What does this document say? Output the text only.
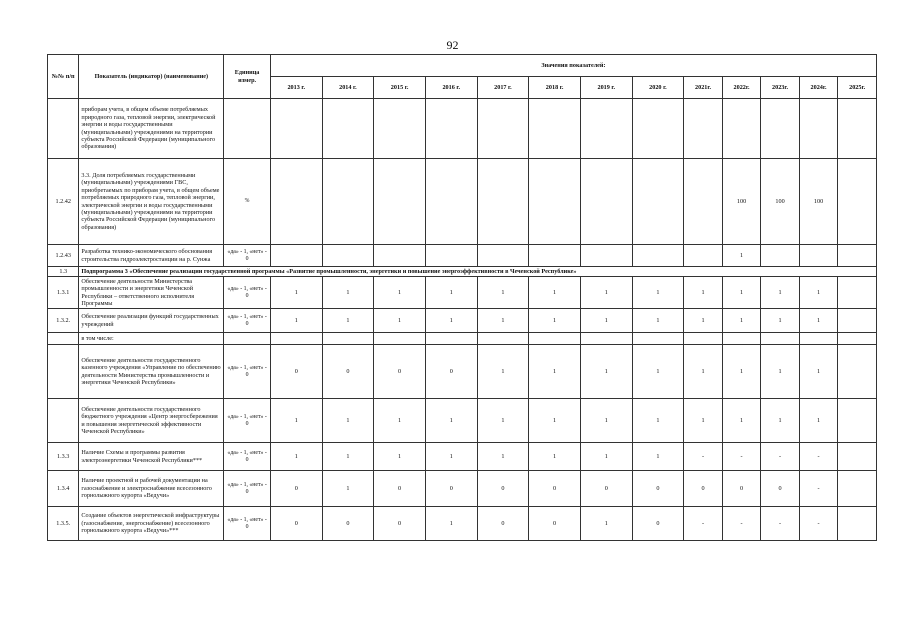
92
№№ п/п	Показатель (индикатор) (наименование)	Единица измер.	Значения показателей:												
			2013 г.	2014 г.	2015 г.	2016 г.	2017 г.	2018 г.	2019 г.	2020 г.	2021г.	2022г.	2023г.	2024г.	2025г.
	приборам учета, в общем объеме потребляемых природного газа, тепловой энергии, электрической энергии и воды государственными (муниципальными) учреждениями на территории субъекта Российской Федерации (муниципального образования)														
1.2.42	3.3. Доля потребляемых государственными (муниципальными) учреждениями ГВС, приобретаемых по приборам учета, в общем объеме потребляемых природного газа, тепловой энергии, электрической энергии и воды государственными (муниципальными) учреждениями на территории субъекта Российской Федерации (муниципального образования)	%										100	100	100	
1.2.43	Разработка технико-экономического обоснования строительства гидроэлектростанции на р. Сунжа	«да» - 1, «нет» - 0										1			
1.3	Подпрограмма 3 «Обеспечение реализации государственной программы «Развитие промышленности, энергетики и повышение энергоэффективности в Чеченской Республике»														
1.3.1	Обеспечение деятельности Министерства промышленности и энергетики Чеченской Республики – ответственного исполнителя Программы	«да» - 1, «нет» - 0	1	1	1	1	1	1	1	1	1	1	1	1	
1.3.2.	Обеспечение реализации функций государственных учреждений	«да» - 1, «нет» - 0	1	1	1	1	1	1	1	1	1	1	1	1	
	в том числе:														
	Обеспечение деятельности государственного казенного учреждения «Управление по обеспечению деятельности Министерства промышленности и энергетики Чеченской Республики»	«да» - 1, «нет» - 0	0	0	0	0	1	1	1	1	1	1	1	1	
	Обеспечение деятельности государственного бюджетного учреждения «Центр энергосбережения и повышения энергетической эффективности Чеченской Республики»	«да» - 1, «нет» - 0	1	1	1	1	1	1	1	1	1	1	1	1	
1.3.3	Наличие Схемы и программы развития электроэнергетики Чеченской Республики***	«да» - 1, «нет» - 0	1	1	1	1	1	1	1	1	-	-	-	-	
1.3.4	Наличие проектной и рабочей документации на газоснабжение и электроснабжение всесезонного горнолыжного курорта «Ведучи»	«да» - 1, «нет» - 0	0	1	0	0	0	0	0	0	0	0	0	-	
1.3.5.	Создание объектов энергетической инфраструктуры (газоснабжение, энергоснабжение) всесезонного горнолыжного курорта «Ведучи»***	«да» - 1, «нет» - 0	0	0	0	1	0	0	1	0	-	-	-	-	
